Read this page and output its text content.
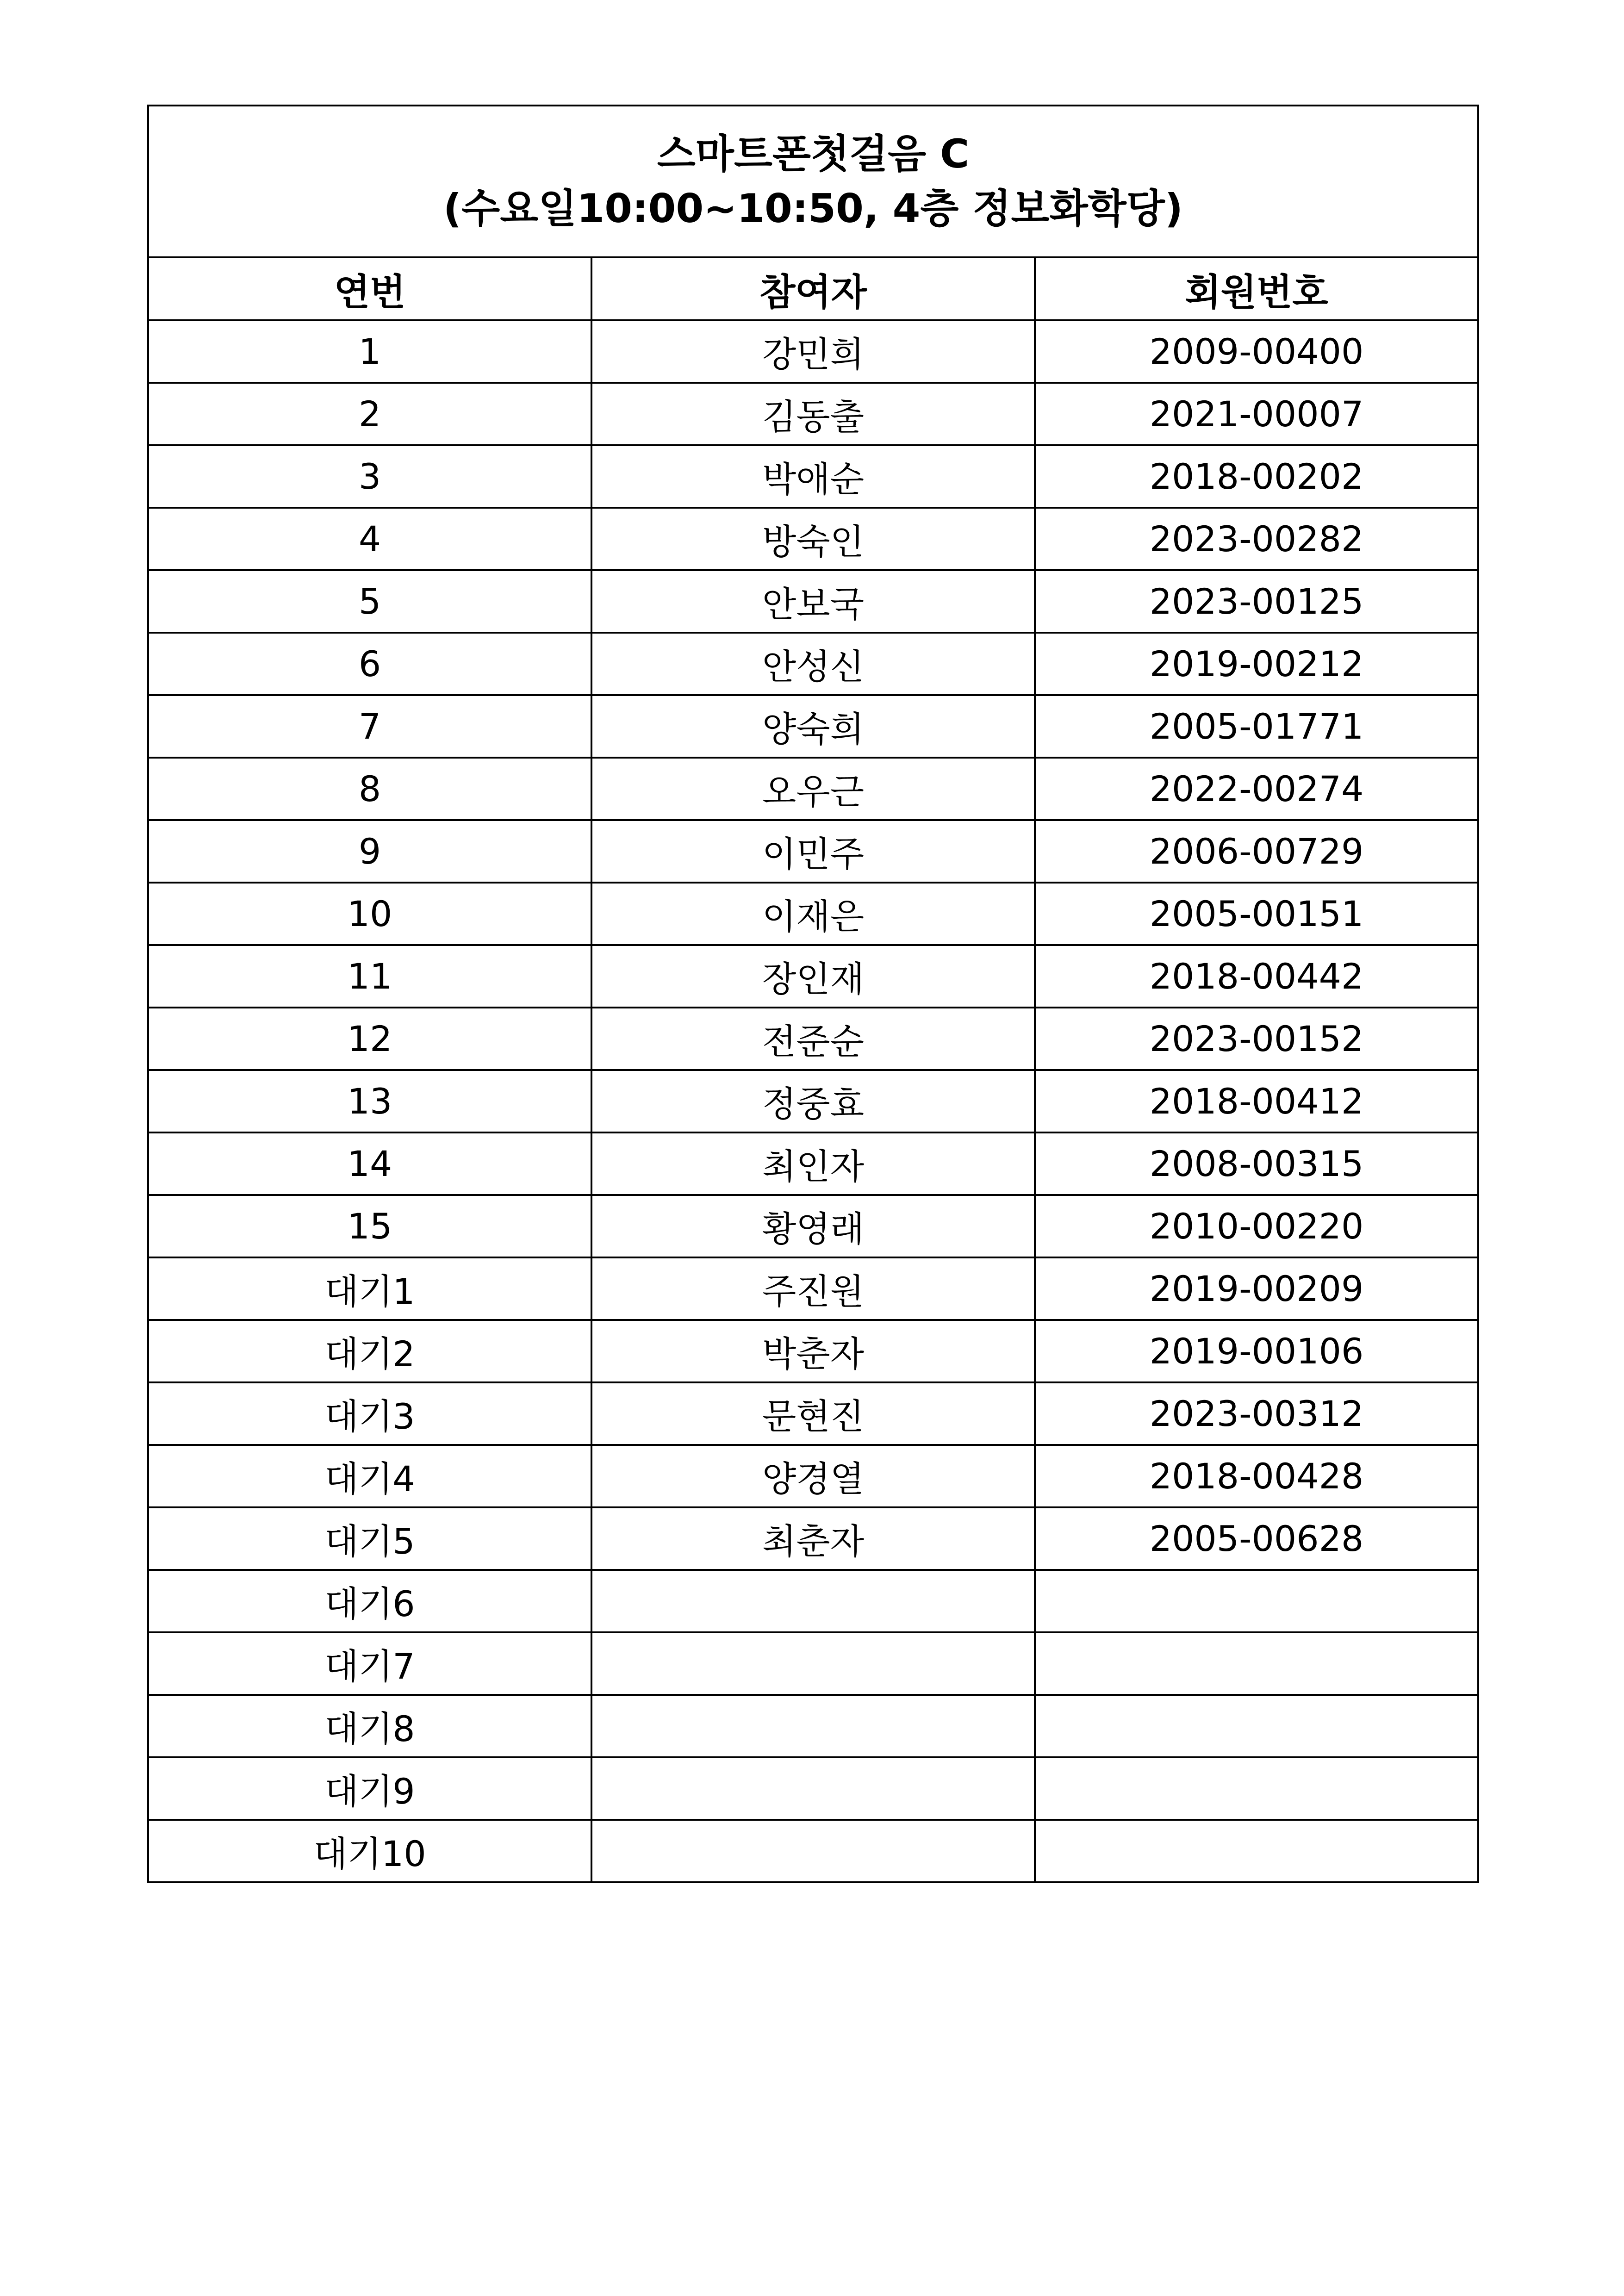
스마트폰첫걸음 C
(수요일10:00~10:50, 4층 정보화학당)		

연번	참여자	회원번호
1	강민희	2009-00400
2	김동출	2021-00007
3	박애순	2018-00202
4	방숙인	2023-00282
5	안보국	2023-00125
6	안성신	2019-00212
7	양숙희	2005-01771
8	오우근	2022-00274
9	이민주	2006-00729
10	이재은	2005-00151
11	장인재	2018-00442
12	전준순	2023-00152
13	정중효	2018-00412
14	최인자	2008-00315
15	황영래	2010-00220
대기1	주진원	2019-00209
대기2	박춘자	2019-00106
대기3	문현진	2023-00312
대기4	양경열	2018-00428
대기5	최춘자	2005-00628
대기6		
대기7		
대기8		
대기9		
대기10		
